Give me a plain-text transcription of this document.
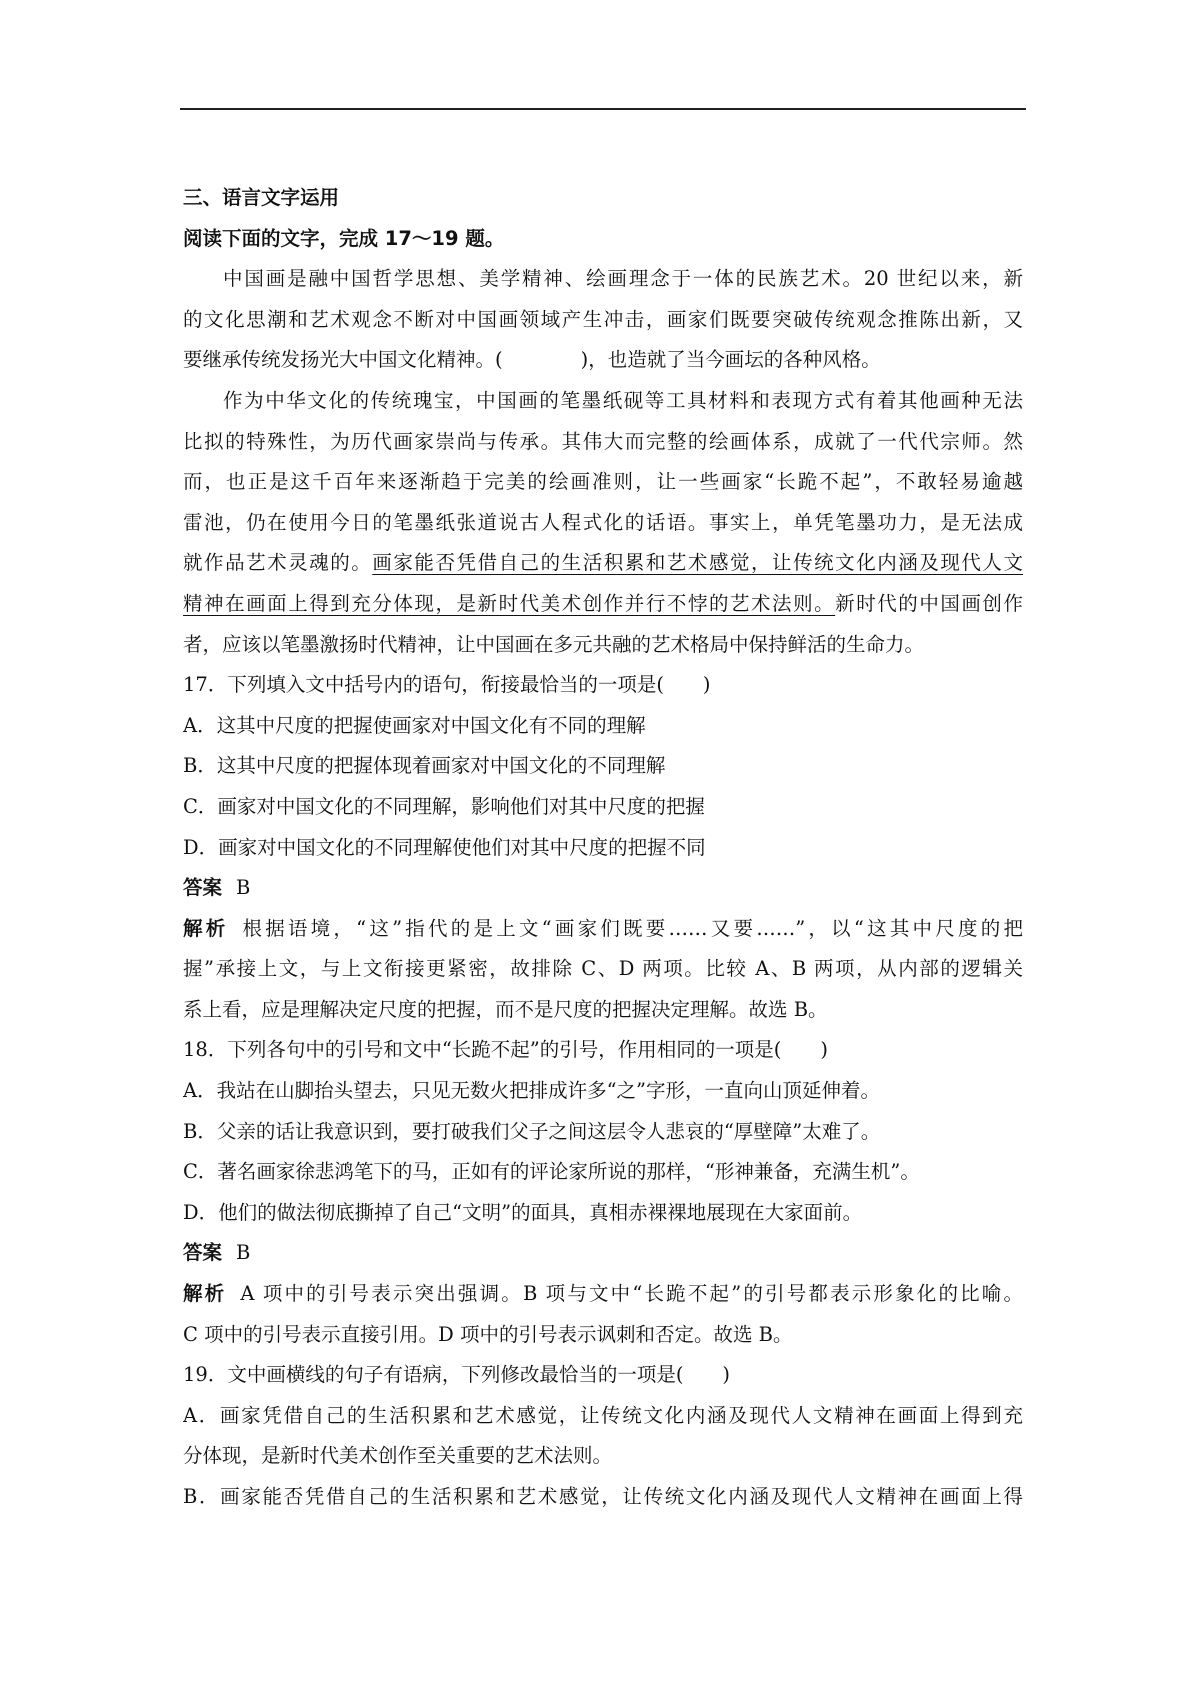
三、语言文字运用
阅读下面的文字，完成 17～19 题。
中国画是融中国哲学思想、美学精神、绘画理念于一体的民族艺术。20 世纪以来，新
的文化思潮和艺术观念不断对中国画领域产生冲击，画家们既要突破传统观念推陈出新，又
要继承传统发扬光大中国文化精神。(　　　　)，也造就了当今画坛的各种风格。
作为中华文化的传统瑰宝，中国画的笔墨纸砚等工具材料和表现方式有着其他画种无法
比拟的特殊性，为历代画家崇尚与传承。其伟大而完整的绘画体系，成就了一代代宗师。然
而，也正是这千百年来逐渐趋于完美的绘画准则，让一些画家“长跪不起”，不敢轻易逾越
雷池，仍在使用今日的笔墨纸张道说古人程式化的话语。事实上，单凭笔墨功力，是无法成
就作品艺术灵魂的。画家能否凭借自己的生活积累和艺术感觉，让传统文化内涵及现代人文
精神在画面上得到充分体现，是新时代美术创作并行不悖的艺术法则。新时代的中国画创作
者，应该以笔墨激扬时代精神，让中国画在多元共融的艺术格局中保持鲜活的生命力。
17．下列填入文中括号内的语句，衔接最恰当的一项是(　　)
A．这其中尺度的把握使画家对中国文化有不同的理解
B．这其中尺度的把握体现着画家对中国文化的不同理解
C．画家对中国文化的不同理解，影响他们对其中尺度的把握
D．画家对中国文化的不同理解使他们对其中尺度的把握不同
答案 B
解析 根据语境，“这”指代的是上文“画家们既要……又要……”，以“这其中尺度的把
握”承接上文，与上文衔接更紧密，故排除 C、D 两项。比较 A、B 两项，从内部的逻辑关
系上看，应是理解决定尺度的把握，而不是尺度的把握决定理解。故选 B。
18．下列各句中的引号和文中“长跪不起”的引号，作用相同的一项是(　　)
A．我站在山脚抬头望去，只见无数火把排成许多“之”字形，一直向山顶延伸着。
B．父亲的话让我意识到，要打破我们父子之间这层令人悲哀的“厚壁障”太难了。
C．著名画家徐悲鸿笔下的马，正如有的评论家所说的那样，“形神兼备，充满生机”。
D．他们的做法彻底撕掉了自己“文明”的面具，真相赤裸裸地展现在大家面前。
答案 B
解析 A 项中的引号表示突出强调。B 项与文中“长跪不起”的引号都表示形象化的比喻。
C 项中的引号表示直接引用。D 项中的引号表示讽刺和否定。故选 B。
19．文中画横线的句子有语病，下列修改最恰当的一项是(　　)
A．画家凭借自己的生活积累和艺术感觉，让传统文化内涵及现代人文精神在画面上得到充
分体现，是新时代美术创作至关重要的艺术法则。
B．画家能否凭借自己的生活积累和艺术感觉，让传统文化内涵及现代人文精神在画面上得
